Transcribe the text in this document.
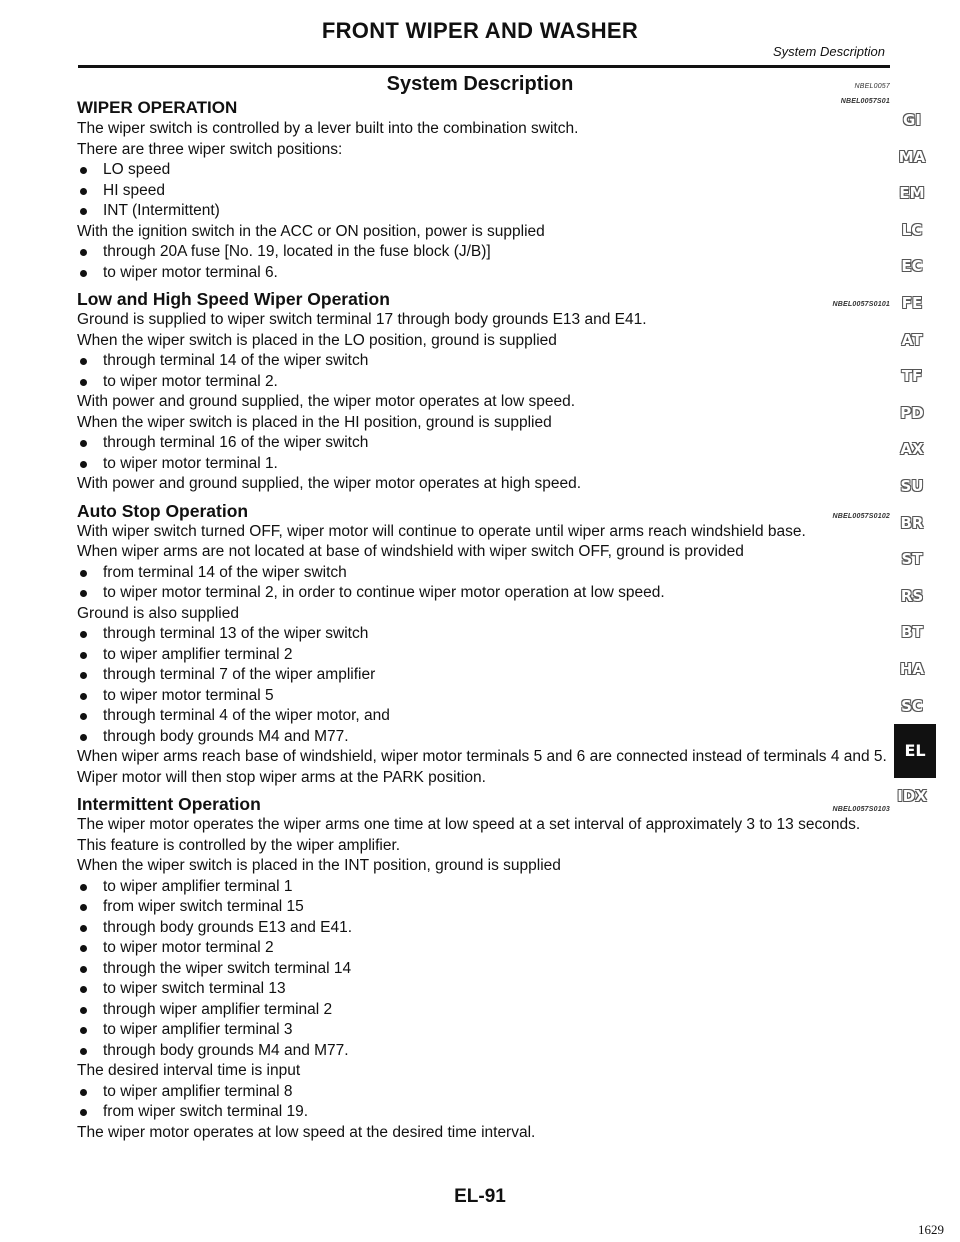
FRONT WIPER AND WASHER
System Description
System Description	NBEL0057
WIPER OPERATION	NBEL0057S01

The wiper switch is controlled by a lever built into the combination switch.

There are three wiper switch positions:

LO speed
HI speed
INT (Intermittent)

With the ignition switch in the ACC or ON position, power is supplied

through 20A fuse [No. 19, located in the fuse block (J/B)]
to wiper motor terminal 6.
Low and High Speed Wiper Operation	NBEL0057S0101

Ground is supplied to wiper switch terminal 17 through body grounds E13 and E41.

When the wiper switch is placed in the LO position, ground is supplied

through terminal 14 of the wiper switch
to wiper motor terminal 2.

With power and ground supplied, the wiper motor operates at low speed.

When the wiper switch is placed in the HI position, ground is supplied

through terminal 16 of the wiper switch
to wiper motor terminal 1.

With power and ground supplied, the wiper motor operates at high speed.

Auto Stop Operation	NBEL0057S0102

With wiper switch turned OFF, wiper motor will continue to operate until wiper arms reach windshield base.

When wiper arms are not located at base of windshield with wiper switch OFF, ground is provided

from terminal 14 of the wiper switch
to wiper motor terminal 2, in order to continue wiper motor operation at low speed.

Ground is also supplied

through terminal 13 of the wiper switch
to wiper amplifier terminal 2
through terminal 7 of the wiper amplifier
to wiper motor terminal 5
through terminal 4 of the wiper motor, and
through body grounds M4 and M77.

When wiper arms reach base of windshield, wiper motor terminals 5 and 6 are connected instead of terminals 4 and 5. Wiper motor will then stop wiper arms at the PARK position.

Intermittent Operation	NBEL0057S0103

The wiper motor operates the wiper arms one time at low speed at a set interval of approximately 3 to 13 seconds. This feature is controlled by the wiper amplifier.

When the wiper switch is placed in the INT position, ground is supplied

to wiper amplifier terminal 1
from wiper switch terminal 15
through body grounds E13 and E41.
to wiper motor terminal 2
through the wiper switch terminal 14
to wiper switch terminal 13
through wiper amplifier terminal 2
to wiper amplifier terminal 3
through body grounds M4 and M77.

The desired interval time is input

to wiper amplifier terminal 8
from wiper switch terminal 19.

The wiper motor operates at low speed at the desired time interval.

GI
MA
EM
LC
EC
FE
AT
TF
PD
AX
SU
BR
ST
RS
BT
HA
SC
EL
IDX
EL-91
1629
